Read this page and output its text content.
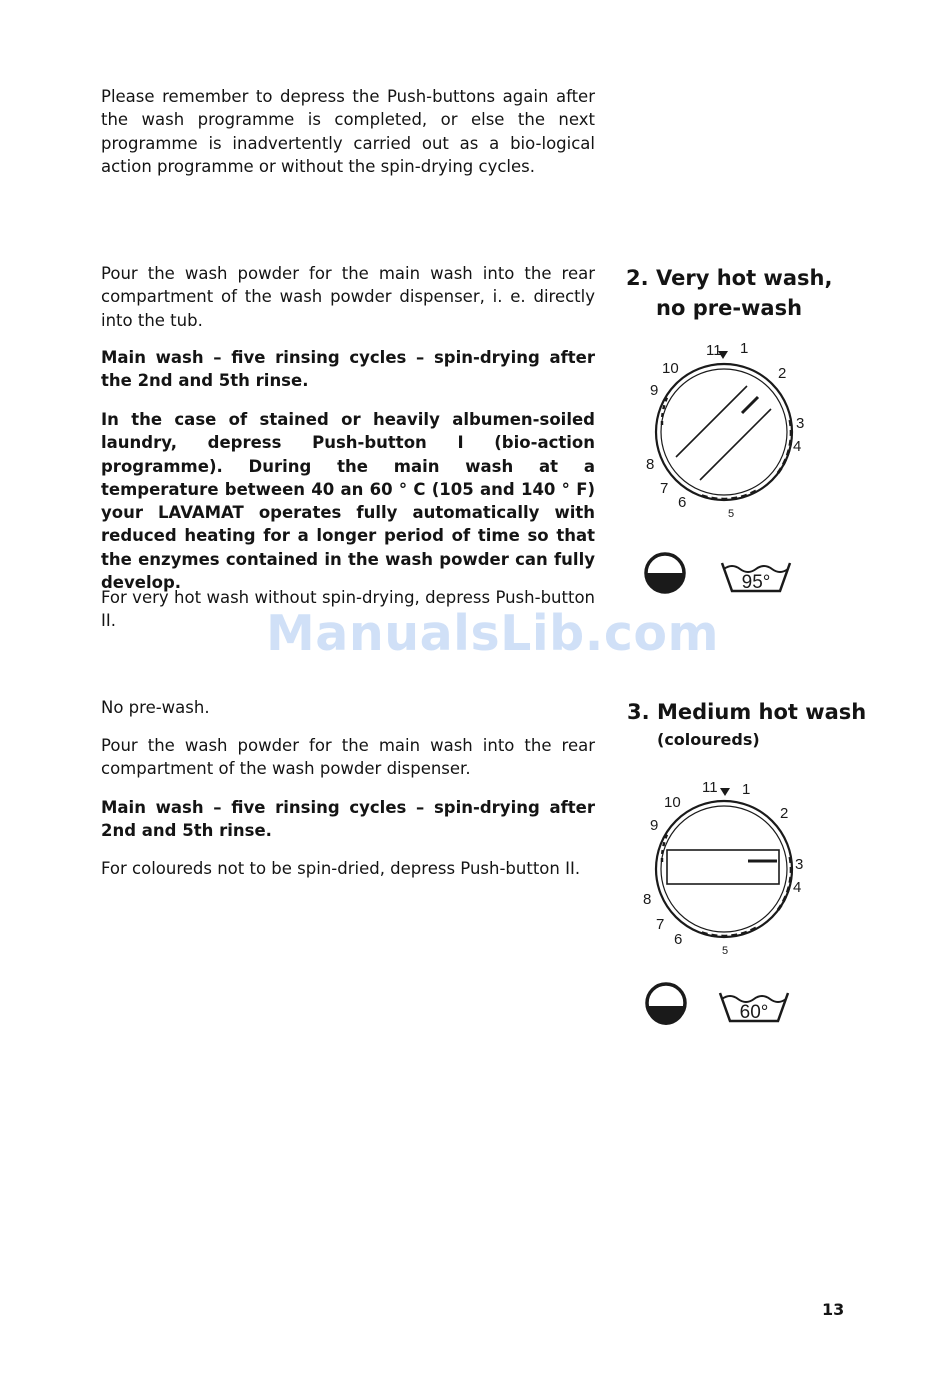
Please remember to depress the Push-buttons again after the wash programme is completed, or else the next programme is inadvertently carried out as a bio-logical action programme or without the spin-drying cycles.

Pour the wash powder for the main wash into the rear compartment of the wash powder dispenser, i. e. directly into the tub.

Main wash – five rinsing cycles – spin-drying after the 2nd and 5th rinse.

In the case of stained or heavily albumen-soiled laundry, depress Push-button I (bio-action programme). During the main wash at a temperature between 40 an 60 ° C (105 and 140 ° F) your LAVAMAT operates fully automatically with reduced heating for a longer period of time so that the enzymes contained in the wash powder can fully develop.

For very hot wash without spin-drying, depress Push-button II.

2. Very hot wash,
no pre-wash
11 1
2
3
4
5
6
7
8
9
10
95°
ManualsLib.com

No pre-wash.

Pour the wash powder for the main wash into the rear compartment of the wash powder dispenser.

Main wash – five rinsing cycles – spin-drying after 2nd and 5th rinse.

For coloureds not to be spin-dried, depress Push-button II.

3. Medium hot wash
(coloureds)
11 1
2
3
4
5
6
7
8
9
10
60°
13
